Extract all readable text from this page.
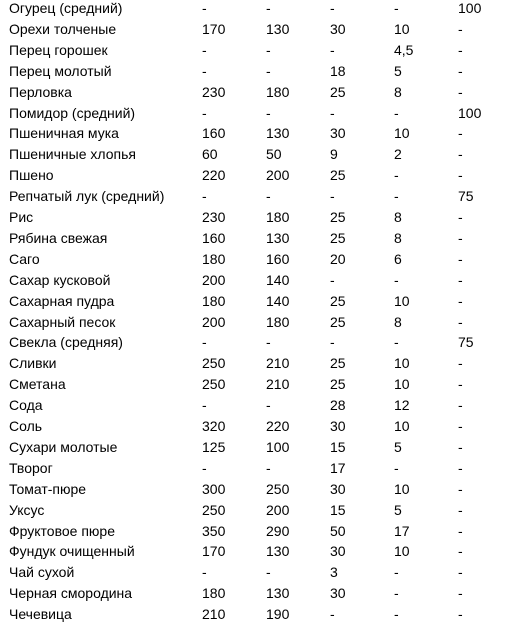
Огурец (средний)	-	-	-	-	100
Орехи толченые	170	130	30	10	-
Перец горошек	-	-	-	4,5	-
Перец молотый	-	-	18	5	-
Перловка	230	180	25	8	-
Помидор (средний)	-	-	-	-	100
Пшеничная мука	160	130	30	10	-
Пшеничные хлопья	60	50	9	2	-
Пшено	220	200	25	-	-
Репчатый лук (средний)	-	-	-	-	75
Рис	230	180	25	8	-
Рябина свежая	160	130	25	8	-
Саго	180	160	20	6	-
Сахар кусковой	200	140	-	-	-
Сахарная пудра	180	140	25	10	-
Сахарный песок	200	180	25	8	-
Свекла (средняя)	-	-	-	-	75
Сливки	250	210	25	10	-
Сметана	250	210	25	10	-
Сода	-	-	28	12	-
Соль	320	220	30	10	-
Сухари молотые	125	100	15	5	-
Творог	-	-	17	-	-
Томат-пюре	300	250	30	10	-
Уксус	250	200	15	5	-
Фруктовое пюре	350	290	50	17	-
Фундук очищенный	170	130	30	10	-
Чай сухой	-	-	3	-	-
Черная смородина	180	130	30	-	-
Чечевица	210	190	-	-	-
